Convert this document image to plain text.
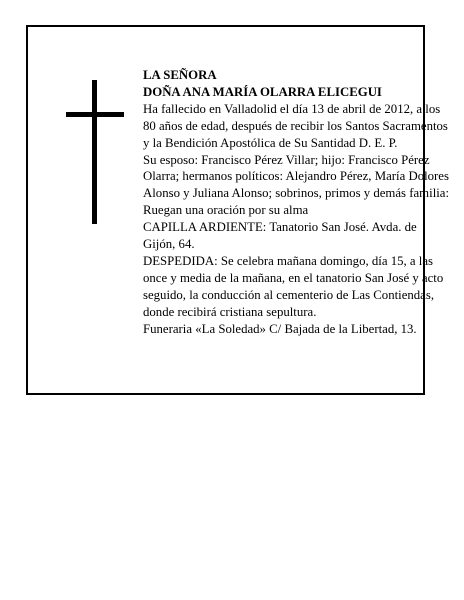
LA SEÑORA

DOÑA ANA MARÍA OLARRA ELICEGUI

Ha fallecido en Valladolid el día 13 de abril de 2012, a los 80 años de edad, después de recibir los Santos Sacramentos y la Bendición Apostólica de Su Santidad D. E. P.

Su esposo: Francisco Pérez Villar; hijo: Francisco Pérez Olarra; hermanos políticos: Alejandro Pérez, María Dolores Alonso y Juliana Alonso; sobrinos, primos y demás familia:

Ruegan una oración por su alma

CAPILLA ARDIENTE: Tanatorio San José. Avda. de Gijón, 64.

DESPEDIDA: Se celebra mañana domingo, día 15, a las once y media de la mañana, en el tanatorio San José y acto seguido, la conducción al cementerio de Las Contiendas, donde recibirá cristiana sepultura.

Funeraria «La Soledad» C/ Bajada de la Libertad, 13.
